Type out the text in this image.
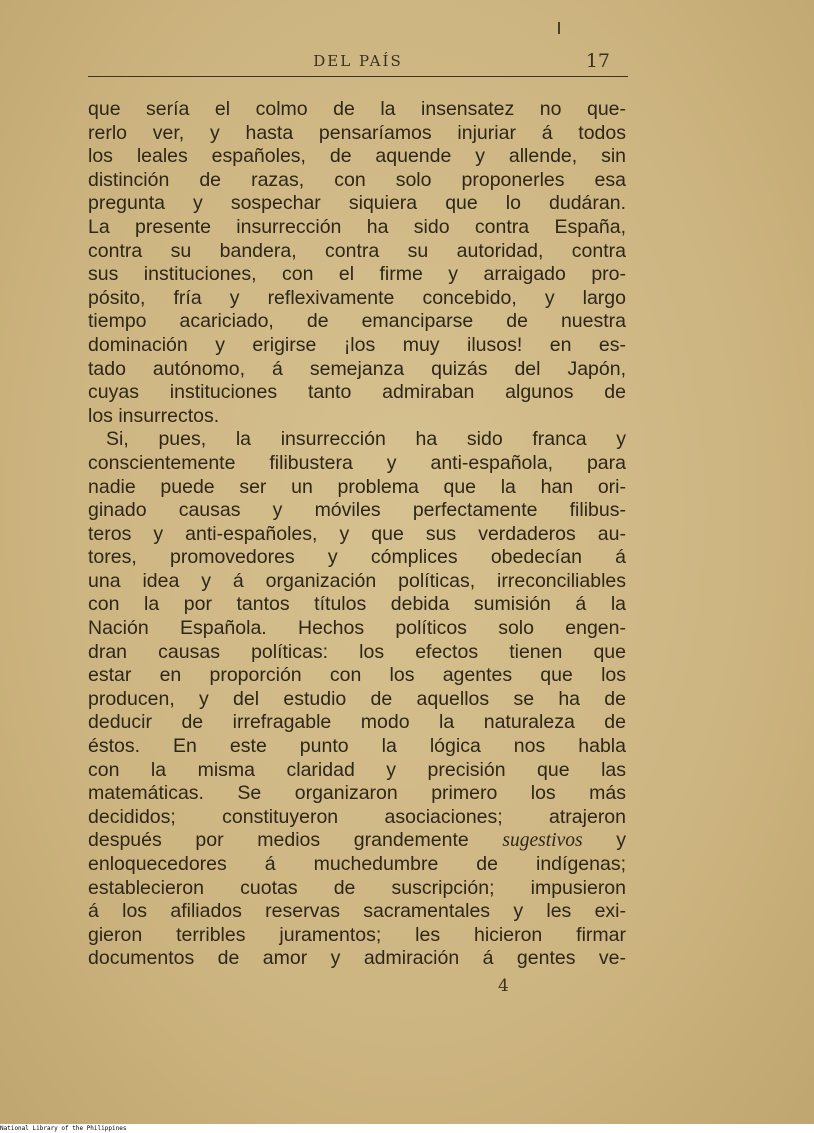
DEL PAÍS	17
que sería el colmo de la insensatez no que-
rerlo ver, y hasta pensaríamos injuriar á todos
los leales españoles, de aquende y allende, sin
distinción de razas, con solo proponerles esa
pregunta y sospechar siquiera que lo dudáran.
La presente insurrección ha sido contra España,
contra su bandera, contra su autoridad, contra
sus instituciones, con el firme y arraigado pro-
pósito, fría y reflexivamente concebido, y largo
tiempo acariciado, de emanciparse de nuestra
dominación y erigirse ¡los muy ilusos! en es-
tado autónomo, á semejanza quizás del Japón,
cuyas instituciones tanto admiraban algunos de
los insurrectos.
Si, pues, la insurrección ha sido franca y
conscientemente filibustera y anti-española, para
nadie puede ser un problema que la han ori-
ginado causas y móviles perfectamente filibus-
teros y anti-españoles, y que sus verdaderos au-
tores, promovedores y cómplices obedecían á
una idea y á organización políticas, irreconciliables
con la por tantos títulos debida sumisión á la
Nación Española. Hechos políticos solo engen-
dran causas políticas: los efectos tienen que
estar en proporción con los agentes que los
producen, y del estudio de aquellos se ha de
deducir de irrefragable modo la naturaleza de
éstos. En este punto la lógica nos habla
con la misma claridad y precisión que las
matemáticas. Se organizaron primero los más
decididos; constituyeron asociaciones; atrajeron
después por medios grandemente sugestivos y
enloquecedores á muchedumbre de indígenas;
establecieron cuotas de suscripción; impusieron
á los afiliados reservas sacramentales y les exi-
gieron terribles juramentos; les hicieron firmar
documentos de amor y admiración á gentes ve-
4
National Library of the Philippines
